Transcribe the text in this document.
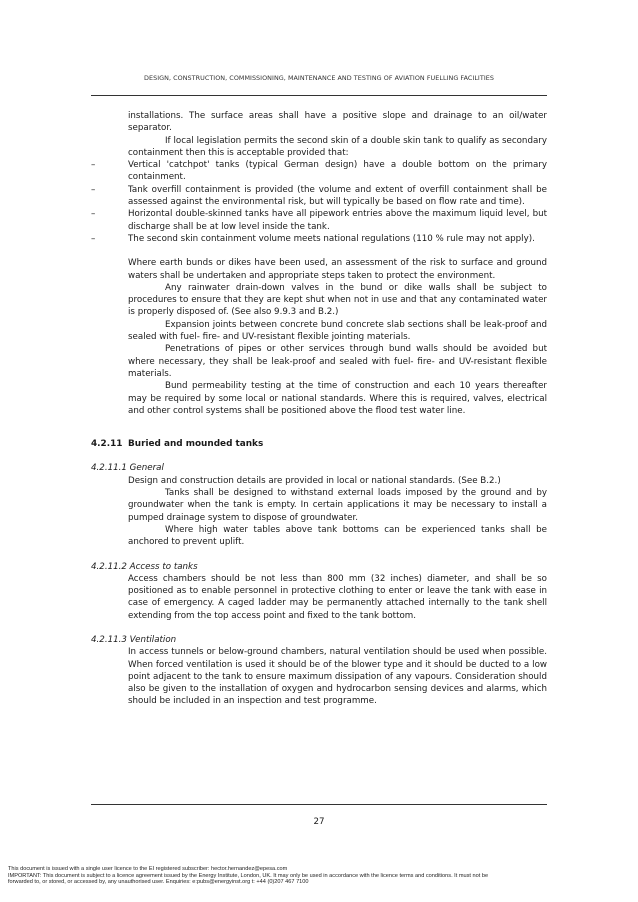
DESIGN, CONSTRUCTION, COMMISSIONING, MAINTENANCE AND TESTING OF AVIATION FUELLING FACILITIES

installations. The surface areas shall have a positive slope and drainage to an oil/water separator.

If local legislation permits the second skin of a double skin tank to qualify as secondary containment then this is acceptable provided that:

–	Vertical 'catchpot' tanks (typical German design) have a double bottom on the primary containment.
–	Tank overfill containment is provided (the volume and extent of overfill containment shall be assessed against the environmental risk, but will typically be based on flow rate and time).
–	Horizontal double-skinned tanks have all pipework entries above the maximum liquid level, but discharge shall be at low level inside the tank.
–	The second skin containment volume meets national regulations (110 % rule may not apply).

Where earth bunds or dikes have been used, an assessment of the risk to surface and ground waters shall be undertaken and appropriate steps taken to protect the environment.

Any rainwater drain-down valves in the bund or dike walls shall be subject to procedures to ensure that they are kept shut when not in use and that any contaminated water is properly disposed of. (See also 9.9.3 and B.2.)

Expansion joints between concrete bund concrete slab sections shall be leak-proof and sealed with fuel- fire- and UV-resistant flexible jointing materials.

Penetrations of pipes or other services through bund walls should be avoided but where necessary, they shall be leak-proof and sealed with fuel- fire- and UV-resistant flexible materials.

Bund permeability testing at the time of construction and each 10 years thereafter may be required by some local or national standards. Where this is required, valves, electrical and other control systems shall be positioned above the flood test water line.

4.2.11 Buried and mounded tanks
4.2.11.1 General

Design and construction details are provided in local or national standards. (See B.2.)

Tanks shall be designed to withstand external loads imposed by the ground and by groundwater when the tank is empty. In certain applications it may be necessary to install a pumped drainage system to dispose of groundwater.

Where high water tables above tank bottoms can be experienced tanks shall be anchored to prevent uplift.

4.2.11.2 Access to tanks

Access chambers should be not less than 800 mm (32 inches) diameter, and shall be so positioned as to enable personnel in protective clothing to enter or leave the tank with ease in case of emergency. A caged ladder may be permanently attached internally to the tank shell extending from the top access point and fixed to the tank bottom.

4.2.11.3 Ventilation

In access tunnels or below-ground chambers, natural ventilation should be used when possible. When forced ventilation is used it should be of the blower type and it should be ducted to a low point adjacent to the tank to ensure maximum dissipation of any vapours. Consideration should also be given to the installation of oxygen and hydrocarbon sensing devices and alarms, which should be included in an inspection and test programme.

27
This document is issued with a single user licence to the EI registered subscriber: hector.hernandez@epesa.com
IMPORTANT: This document is subject to a licence agreement issued by the Energy Institute, London, UK. It may only be used in accordance with the licence terms and conditions. It must not be
forwarded to, or stored, or accessed by, any unauthorised user. Enquiries: e:pubs@energyinst.org t: +44 (0)207 467 7100
